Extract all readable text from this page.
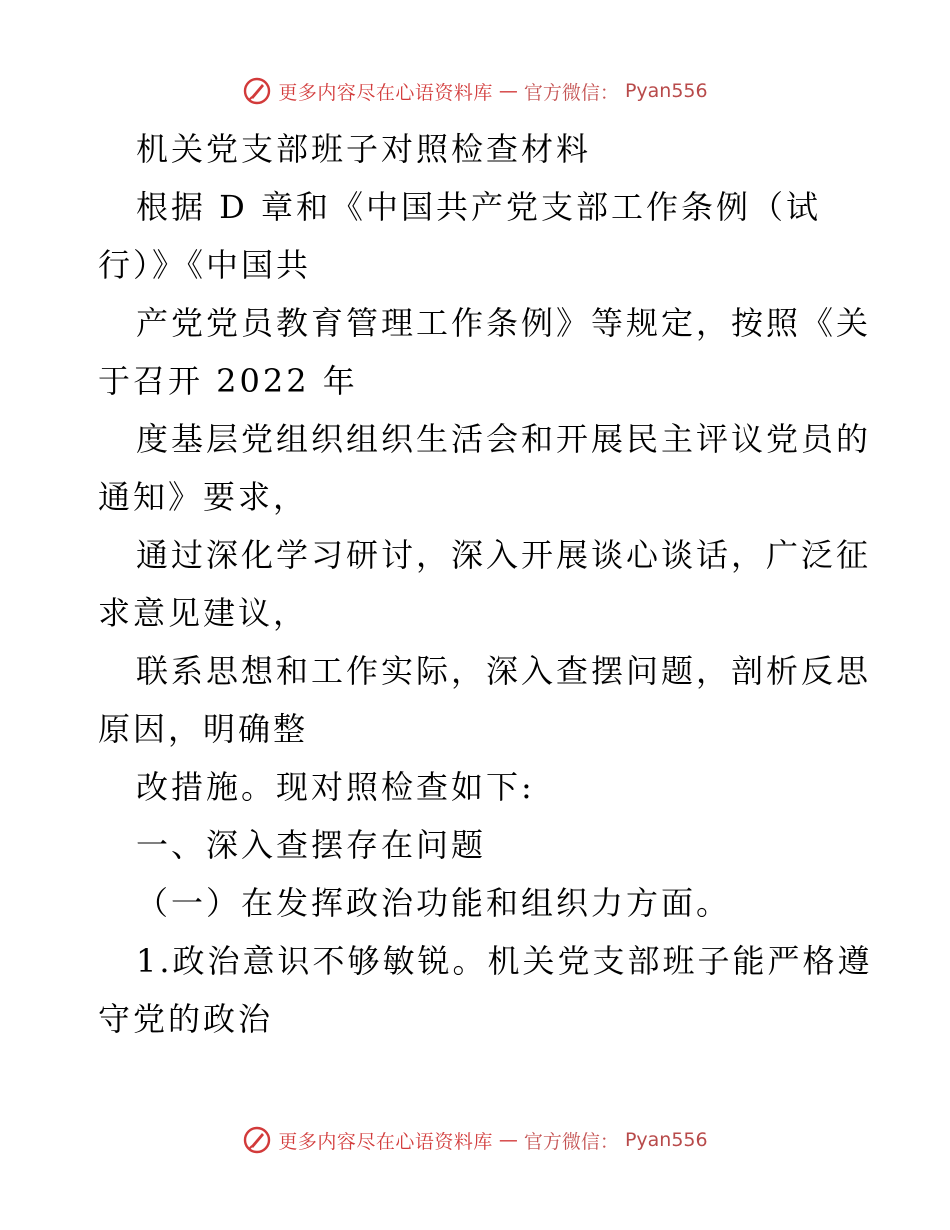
更多内容尽在心语资料库 — 官方微信： Pyan556

机关党支部班子对照检查材料

根据 D 章和《中国共产党支部工作条例（试

行）》《中国共

产党党员教育管理工作条例》等规定，按照《关

于召开 2022 年

度基层党组织组织生活会和开展民主评议党员的

通知》要求，

通过深化学习研讨，深入开展谈心谈话，广泛征

求意见建议，

联系思想和工作实际，深入查摆问题，剖析反思

原因，明确整

改措施。现对照检查如下:

一、深入查摆存在问题

（一）在发挥政治功能和组织力方面。

1.政治意识不够敏锐。机关党支部班子能严格遵

守党的政治

更多内容尽在心语资料库 — 官方微信： Pyan556
